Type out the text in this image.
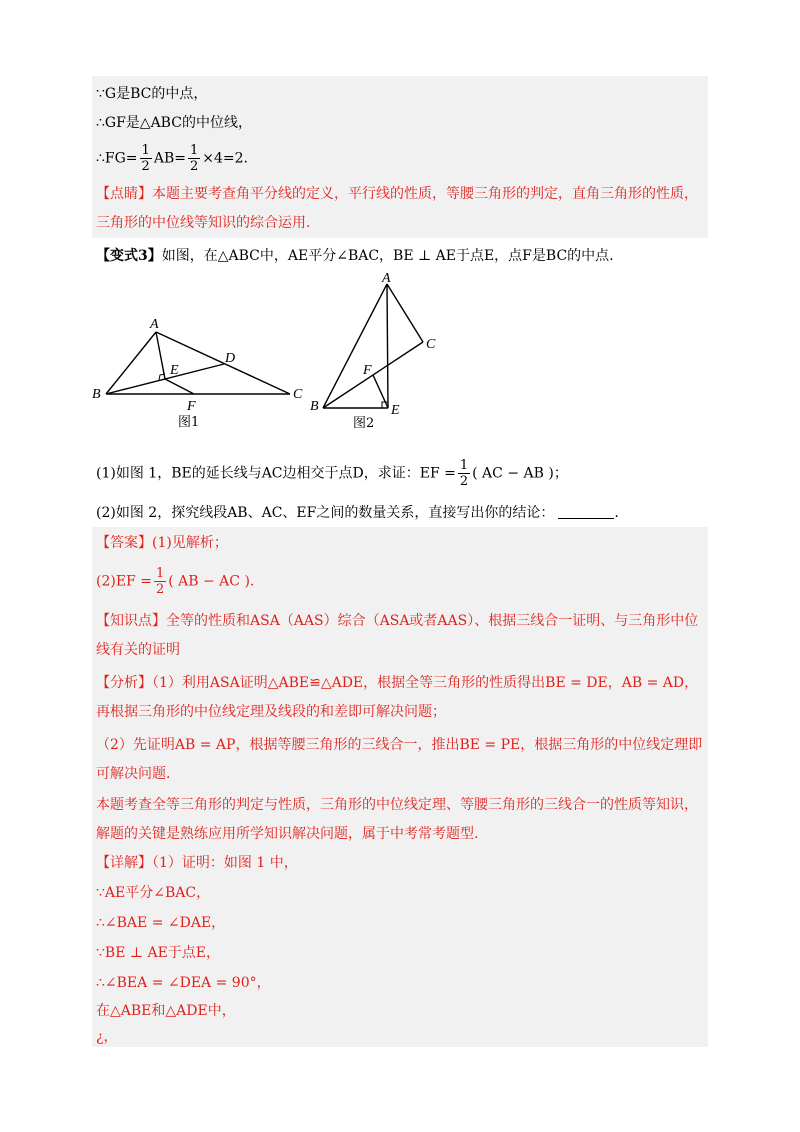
∵G是BC的中点，
∴GF是△ABC的中位线，
∴FG= $\frac{1}{2} AB= \frac{1}{2} \times 4=2$.
【点睛】本题主要考查角平分线的定义，平行线的性质，等腰三角形的判定，直角三角形的性质，三角形的中位线等知识的综合运用.
【变式3】如图，在△ABC中，AE平分∠BAC，BE ⊥ AE于点E，点F是BC的中点.
A
B	C
D
E
F
图1
A
B
C
E
F
图2
(1)如图 1，BE的延长线与AC边相交于点D，求证：EF = $\frac{1}{2}$ ( AC − AB )；
(2)如图 2，探究线段AB、AC、EF之间的数量关系，直接写出你的结论：	.
【答案】(1)见解析；
$(2)EF = \frac{1}{2}$ ( AB − AC ).
【知识点】全等的性质和ASA（AAS）综合（ASA或者AAS）、根据三线合一证明、与三角形中位线有关的证明
【分析】（1）利用ASA证明△ABE≌△ADE，根据全等三角形的性质得出BE = DE，AB = AD，再根据三角形的中位线定理及线段的和差即可解决问题；
（2）先证明AB = AP，根据等腰三角形的三线合一，推出BE = PE，根据三角形的中位线定理即可解决问题.
本题考查全等三角形的判定与性质，三角形的中位线定理、等腰三角形的三线合一的性质等知识，解题的关键是熟练应用所学知识解决问题，属于中考常考题型.
【详解】（1）证明：如图 1 中，
∵AE平分∠BAC，
∴∠BAE = ∠DAE，
∵BE ⊥ AE于点E，
∴∠BEA = ∠DEA = 90°，
在△ABE和△ADE中，
¿，
